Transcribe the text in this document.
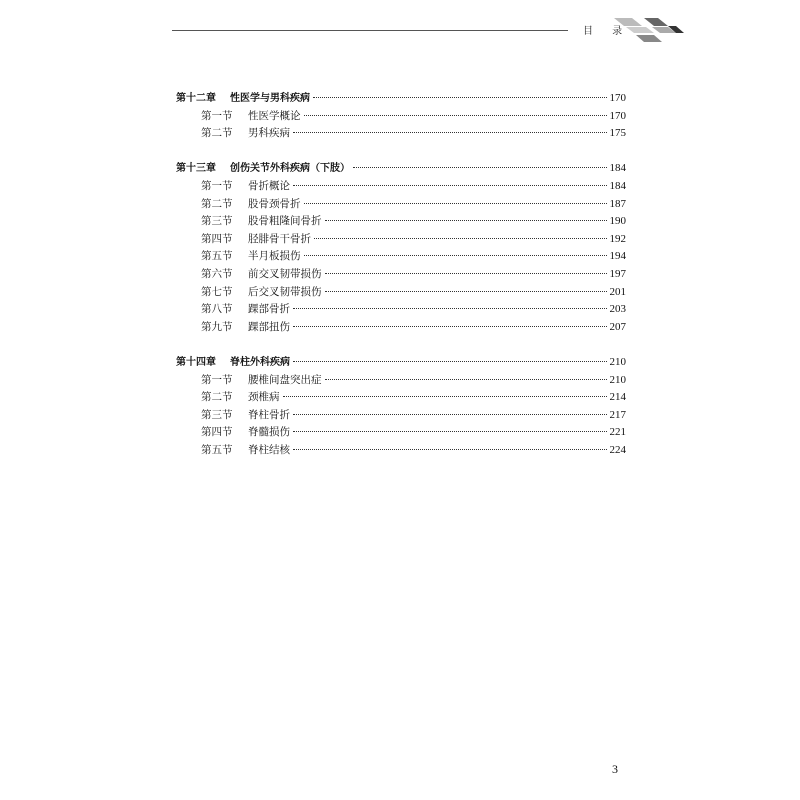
目 录
第十二章 性医学与男科疾病	170
第一节	性医学概论	170
第二节	男科疾病	175
第十三章 创伤关节外科疾病（下肢）	184
第一节	骨折概论	184
第二节	股骨颈骨折	187
第三节	股骨粗隆间骨折	190
第四节	胫腓骨干骨折	192
第五节	半月板损伤	194
第六节	前交叉韧带损伤	197
第七节	后交叉韧带损伤	201
第八节	踝部骨折	203
第九节	踝部扭伤	207
第十四章 脊柱外科疾病	210
第一节	腰椎间盘突出症	210
第二节	颈椎病	214
第三节	脊柱骨折	217
第四节	脊髓损伤	221
第五节	脊柱结核	224
3
